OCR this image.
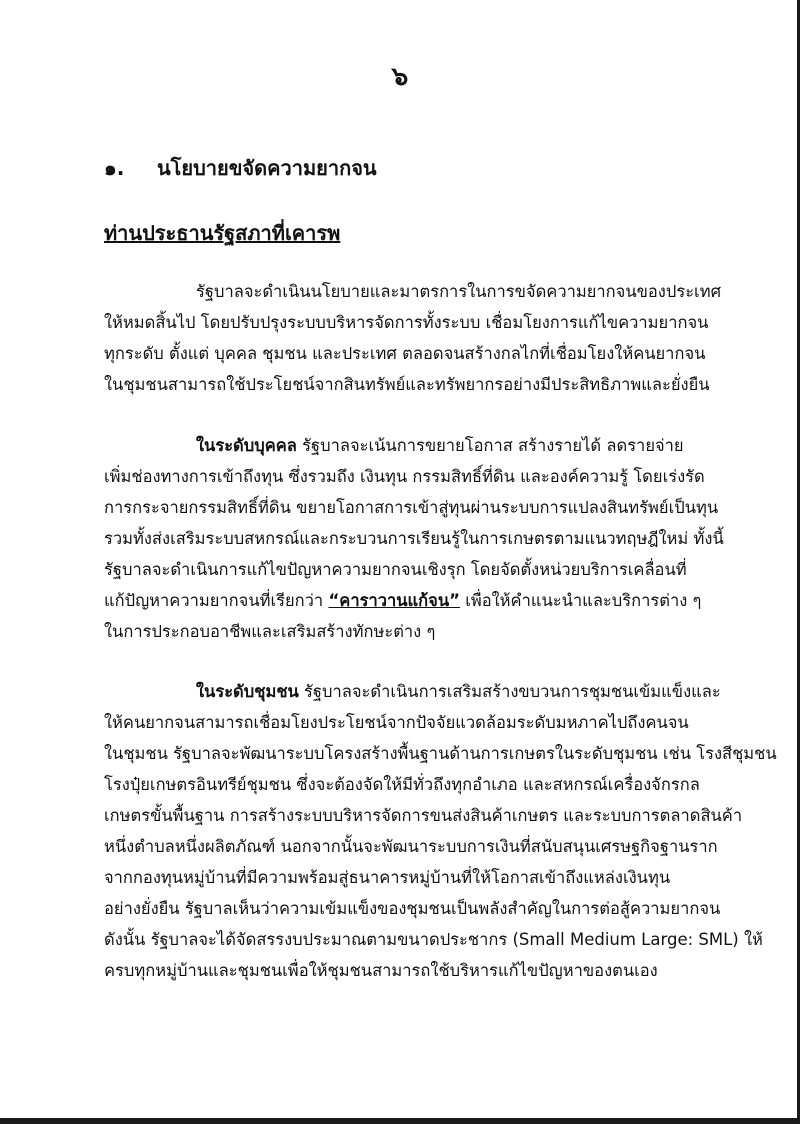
๖
๑. นโยบายขจัดความยากจน
ท่านประธานรัฐสภาที่เคารพ
รัฐบาลจะดำเนินนโยบายและมาตรการในการขจัดความยากจนของประเทศ
ให้หมดสิ้นไป โดยปรับปรุงระบบบริหารจัดการทั้งระบบ เชื่อมโยงการแก้ไขความยากจน
ทุกระดับ ตั้งแต่ บุคคล ชุมชน และประเทศ ตลอดจนสร้างกลไกที่เชื่อมโยงให้คนยากจน
ในชุมชนสามารถใช้ประโยชน์จากสินทรัพย์และทรัพยากรอย่างมีประสิทธิภาพและยั่งยืน
ในระดับบุคคล รัฐบาลจะเน้นการขยายโอกาส สร้างรายได้ ลดรายจ่าย
เพิ่มช่องทางการเข้าถึงทุน ซึ่งรวมถึง เงินทุน กรรมสิทธิ์ที่ดิน และองค์ความรู้ โดยเร่งรัด
การกระจายกรรมสิทธิ์ที่ดิน ขยายโอกาสการเข้าสู่ทุนผ่านระบบการแปลงสินทรัพย์เป็นทุน
รวมทั้งส่งเสริมระบบสหกรณ์และกระบวนการเรียนรู้ในการเกษตรตามแนวทฤษฎีใหม่ ทั้งนี้
รัฐบาลจะดำเนินการแก้ไขปัญหาความยากจนเชิงรุก โดยจัดตั้งหน่วยบริการเคลื่อนที่
แก้ปัญหาความยากจนที่เรียกว่า “คาราวานแก้จน” เพื่อให้คำแนะนำและบริการต่าง ๆ
ในการประกอบอาชีพและเสริมสร้างทักษะต่าง ๆ
ในระดับชุมชน รัฐบาลจะดำเนินการเสริมสร้างขบวนการชุมชนเข้มแข็งและ
ให้คนยากจนสามารถเชื่อมโยงประโยชน์จากปัจจัยแวดล้อมระดับมหภาคไปถึงคนจน
ในชุมชน รัฐบาลจะพัฒนาระบบโครงสร้างพื้นฐานด้านการเกษตรในระดับชุมชน เช่น โรงสีชุมชน
โรงปุ๋ยเกษตรอินทรีย์ชุมชน ซึ่งจะต้องจัดให้มีทั่วถึงทุกอำเภอ และสหกรณ์เครื่องจักรกล
เกษตรขั้นพื้นฐาน การสร้างระบบบริหารจัดการขนส่งสินค้าเกษตร และระบบการตลาดสินค้า
หนึ่งตำบลหนึ่งผลิตภัณฑ์ นอกจากนั้นจะพัฒนาระบบการเงินที่สนับสนุนเศรษฐกิจฐานราก
จากกองทุนหมู่บ้านที่มีความพร้อมสู่ธนาคารหมู่บ้านที่ให้โอกาสเข้าถึงแหล่งเงินทุน
อย่างยั่งยืน รัฐบาลเห็นว่าความเข้มแข็งของชุมชนเป็นพลังสำคัญในการต่อสู้ความยากจน
ดังนั้น รัฐบาลจะได้จัดสรรงบประมาณตามขนาดประชากร (Small Medium Large: SML) ให้
ครบทุกหมู่บ้านและชุมชนเพื่อให้ชุมชนสามารถใช้บริหารแก้ไขปัญหาของตนเอง
